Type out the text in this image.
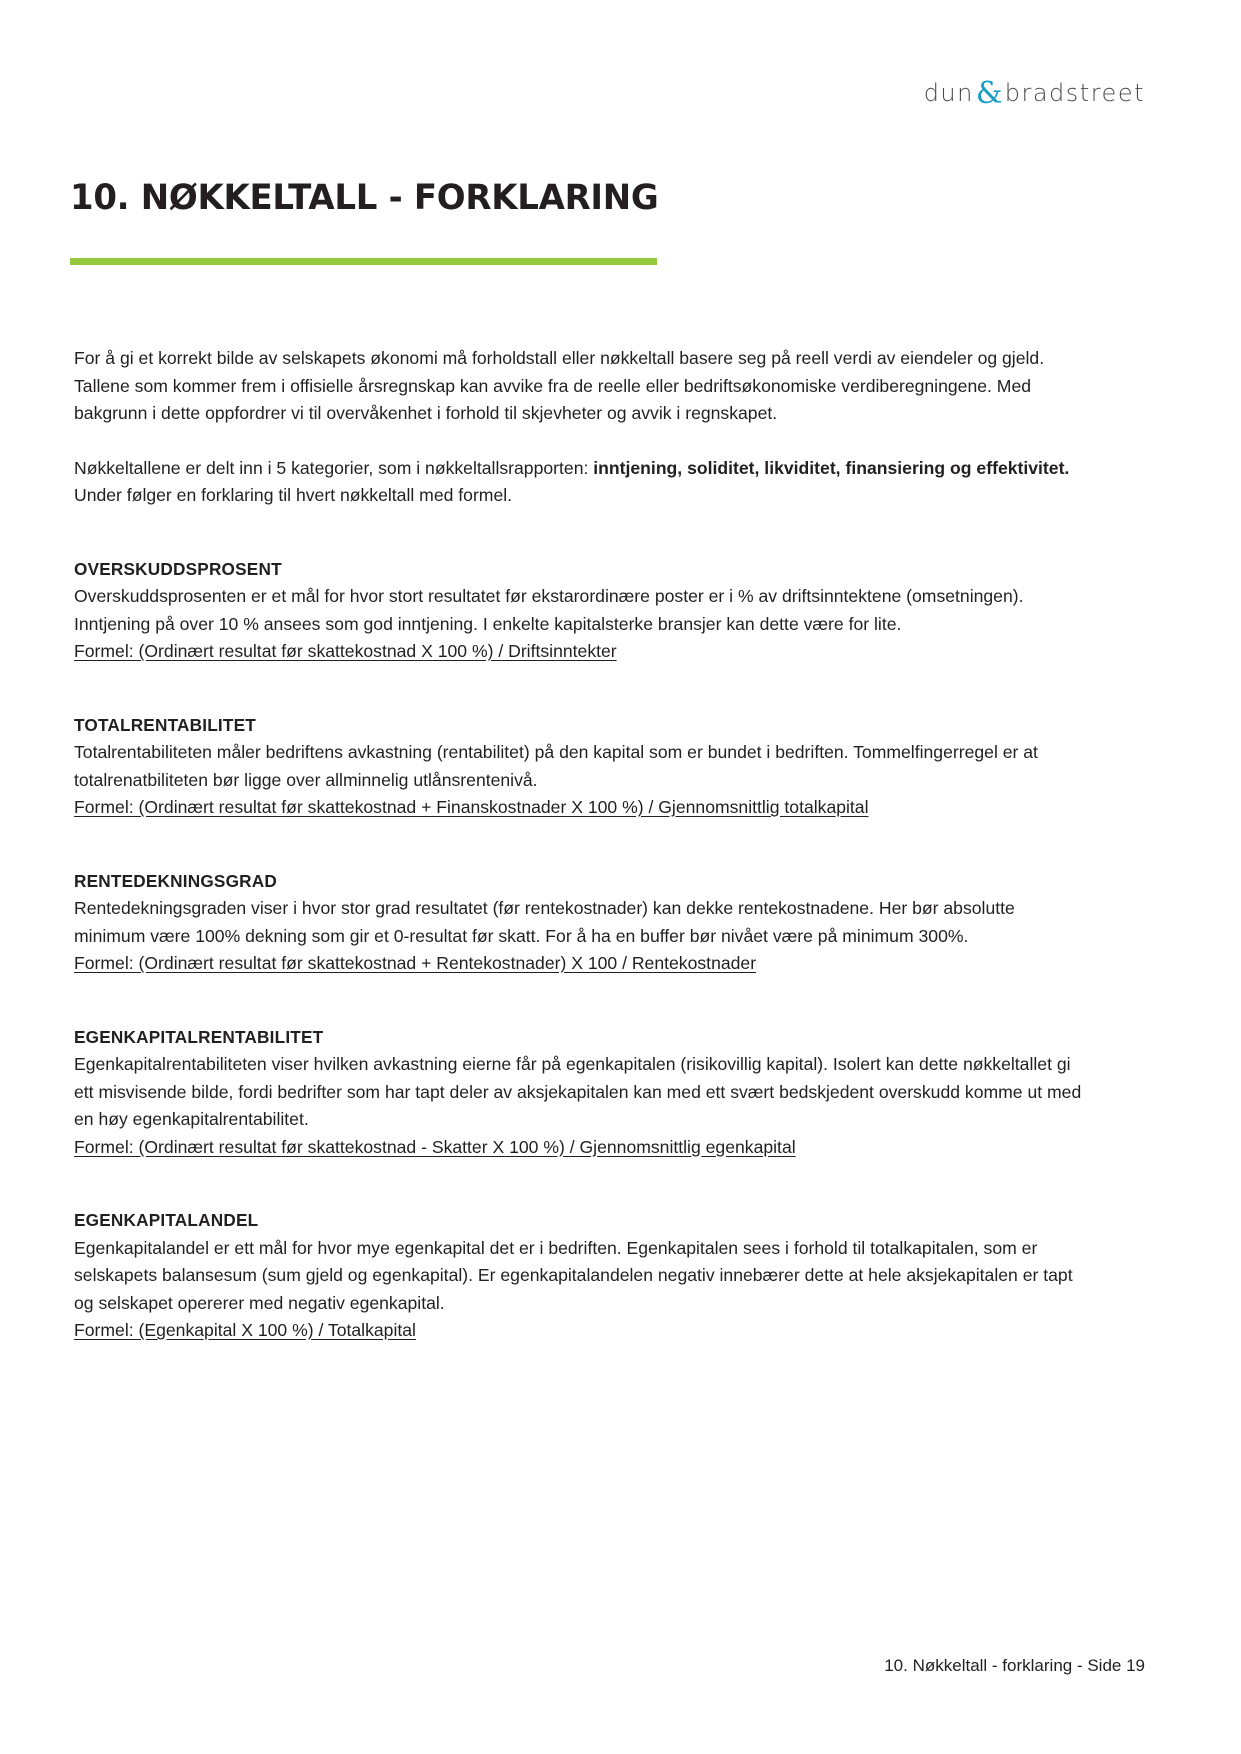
dun & bradstreet
10. NØKKELTALL - FORKLARING

For å gi et korrekt bilde av selskapets økonomi må forholdstall eller nøkkeltall basere seg på reell verdi av eiendeler og gjeld. Tallene som kommer frem i offisielle årsregnskap kan avvike fra de reelle eller bedriftsøkonomiske verdiberegningene. Med bakgrunn i dette oppfordrer vi til overvåkenhet i forhold til skjevheter og avvik i regnskapet.

Nøkkeltallene er delt inn i 5 kategorier, som i nøkkeltallsrapporten: inntjening, soliditet, likviditet, finansiering og effektivitet. Under følger en forklaring til hvert nøkkeltall med formel.

OVERSKUDDSPROSENT

Overskuddsprosenten er et mål for hvor stort resultatet før ekstarordinære poster er i % av driftsinntektene (omsetningen). Inntjening på over 10 % ansees som god inntjening. I enkelte kapitalsterke bransjer kan dette være for lite.

Formel: (Ordinært resultat før skattekostnad X 100 %) / Driftsinntekter

TOTALRENTABILITET

Totalrentabiliteten måler bedriftens avkastning (rentabilitet) på den kapital som er bundet i bedriften. Tommelfingerregel er at totalrenatbiliteten bør ligge over allminnelig utlånsrentenivå.

Formel: (Ordinært resultat før skattekostnad + Finanskostnader X 100 %) / Gjennomsnittlig totalkapital

RENTEDEKNINGSGRAD

Rentedekningsgraden viser i hvor stor grad resultatet (før rentekostnader) kan dekke rentekostnadene. Her bør absolutte minimum være 100% dekning som gir et 0-resultat før skatt. For å ha en buffer bør nivået være på minimum 300%.

Formel: (Ordinært resultat før skattekostnad + Rentekostnader) X 100 / Rentekostnader

EGENKAPITALRENTABILITET

Egenkapitalrentabiliteten viser hvilken avkastning eierne får på egenkapitalen (risikovillig kapital). Isolert kan dette nøkkeltallet gi ett misvisende bilde, fordi bedrifter som har tapt deler av aksjekapitalen kan med ett svært bedskjedent overskudd komme ut med en høy egenkapitalrentabilitet.

Formel: (Ordinært resultat før skattekostnad - Skatter X 100 %) / Gjennomsnittlig egenkapital

EGENKAPITALANDEL

Egenkapitalandel er ett mål for hvor mye egenkapital det er i bedriften. Egenkapitalen sees i forhold til totalkapitalen, som er selskapets balansesum (sum gjeld og egenkapital). Er egenkapitalandelen negativ innebærer dette at hele aksjekapitalen er tapt og selskapet opererer med negativ egenkapital.

Formel: (Egenkapital X 100 %) / Totalkapital

10. Nøkkeltall - forklaring - Side 19
